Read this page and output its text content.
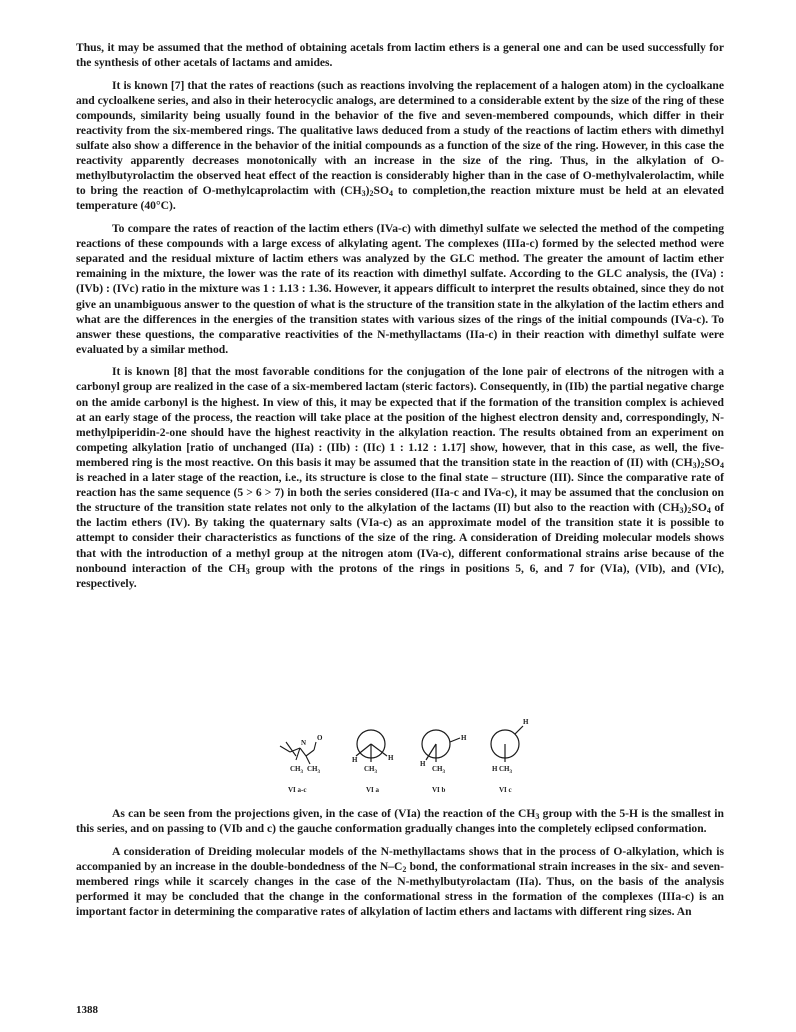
Thus, it may be assumed that the method of obtaining acetals from lactim ethers is a general one and can be used successfully for the synthesis of other acetals of lactams and amides.

It is known [7] that the rates of reactions (such as reactions involving the replacement of a halogen atom) in the cycloalkane and cycloalkene series, and also in their heterocyclic analogs, are determined to a considerable extent by the size of the ring of these compounds, similarity being usually found in the behavior of the five and seven-membered compounds, which differ in their reactivity from the six-membered rings. The qualitative laws deduced from a study of the reactions of lactim ethers with dimethyl sulfate also show a difference in the behavior of the initial compounds as a function of the size of the ring. However, in this case the reactivity apparently decreases monotonically with an increase in the size of the ring. Thus, in the alkylation of O-methylbutyrolactim the observed heat effect of the reaction is considerably higher than in the case of O-methylvalerolactim, while to bring the reaction of O-methylcaprolactim with $(CH_3)_2SO_4$ to completion,the reaction mixture must be held at an elevated temperature (40°C).

To compare the rates of reaction of the lactim ethers (IVa-c) with dimethyl sulfate we selected the method of the competing reactions of these compounds with a large excess of alkylating agent. The complexes (IIIa-c) formed by the selected method were separated and the residual mixture of lactim ethers was analyzed by the GLC method. The greater the amount of lactim ether remaining in the mixture, the lower was the rate of its reaction with dimethyl sulfate. According to the GLC analysis, the (IVa) : (IVb) : (IVc) ratio in the mixture was 1 : 1.13 : 1.36. However, it appears difficult to interpret the results obtained, since they do not give an unambiguous answer to the question of what is the structure of the transition state in the alkylation of the lactim ethers and what are the differences in the energies of the transition states with various sizes of the rings of the initial compounds (IVa-c). To answer these questions, the comparative reactivities of the N-methyllactams (IIa-c) in their reaction with dimethyl sulfate were evaluated by a similar method.

It is known [8] that the most favorable conditions for the conjugation of the lone pair of electrons of the nitrogen with a carbonyl group are realized in the case of a six-membered lactam (steric factors). Consequently, in (IIb) the partial negative charge on the amide carbonyl is the highest. In view of this, it may be expected that if the formation of the transition complex is achieved at an early stage of the process, the reaction will take place at the position of the highest electron density and, correspondingly, N-methylpiperidin-2-one should have the highest reactivity in the alkylation reaction. The results obtained from an experiment on competing alkylation [ratio of unchanged (IIa) : (IIb) : (IIc) 1 : 1.12 : 1.17] show, however, that in this case, as well, the five-membered ring is the most reactive. On this basis it may be assumed that the transition state in the reaction of (II) with $(CH_3)_2SO_4$ is reached in a later stage of the reaction, i.e., its structure is close to the final state – structure (III). Since the comparative rate of reaction has the same sequence (5 > 6 > 7) in both the series considered (IIa-c and IVa-c), it may be assumed that the conclusion on the structure of the transition state relates not only to the alkylation of the lactams (II) but also to the reaction with $(CH_3)_2SO_4$ of the lactim ethers (IV). By taking the quaternary salts (VIa-c) as an approximate model of the transition state it is possible to attempt to consider their characteristics as functions of the size of the ring. A consideration of Dreiding molecular models shows that with the introduction of a methyl group at the nitrogen atom (IVa-c), different conformational strains arise because of the nonbound interaction of the $CH_3$ group with the protons of the rings in positions 5, 6, and 7 for (VIa), (VIb), and (VIc), respectively.

N
O
$CH_3$ $CH_3$
H	H
$CH_3$
H
H
$CH_3$
H
H $CH_3$
VI a-c	VI a	VI b	VI c

As can be seen from the projections given, in the case of (VIa) the reaction of the $CH_3$ group with the 5-H is the smallest in this series, and on passing to (VIb and c) the gauche conformation gradually changes into the completely eclipsed conformation.

A consideration of Dreiding molecular models of the N-methyllactams shows that in the process of O-alkylation, which is accompanied by an increase in the double-bondedness of the $N-C_2$ bond, the conformational strain increases in the six- and seven-membered rings while it scarcely changes in the case of the N-methylbutyrolactam (IIa). Thus, on the basis of the analysis performed it may be concluded that the change in the conformational stress in the formation of the complexes (IIIa-c) is an important factor in determining the comparative rates of alkylation of lactim ethers and lactams with different ring sizes. An

1388
